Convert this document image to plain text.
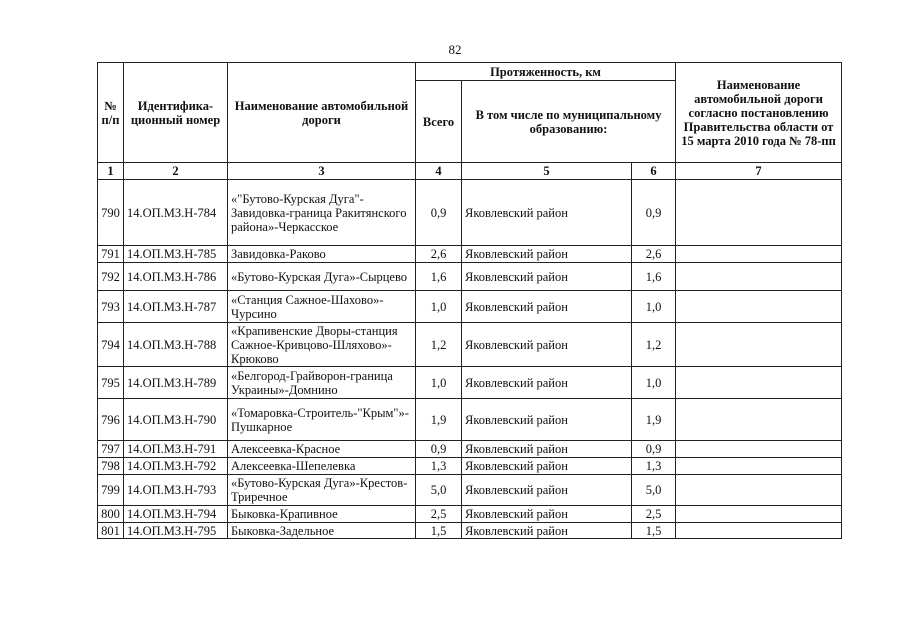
82
№ п/п	Идентифика- ционный номер	Наименование автомобильной дороги	Протяженность, км			Наименование автомобильной дороги согласно постановлению Правительства области от 15 марта 2010 года № 78-пп
			Всего	В том числе по муниципальному образованию:		
1	2	3	4	5	6	7
790	14.ОП.МЗ.Н-784	«"Бутово-Курская Дуга"-Завидовка-граница Ракитянского района»-Черкасское	0,9	Яковлевский район	0,9	
791	14.ОП.МЗ.Н-785	Завидовка-Раково	2,6	Яковлевский район	2,6	
792	14.ОП.МЗ.Н-786	«Бутово-Курская Дуга»-Сырцево	1,6	Яковлевский район	1,6	
793	14.ОП.МЗ.Н-787	«Станция Сажное-Шахово»-Чурсино	1,0	Яковлевский район	1,0	
794	14.ОП.МЗ.Н-788	«Крапивенские Дворы-станция Сажное-Кривцово-Шляхово»-Крюково	1,2	Яковлевский район	1,2	
795	14.ОП.МЗ.Н-789	«Белгород-Грайворон-граница Украины»-Домнино	1,0	Яковлевский район	1,0	
796	14.ОП.МЗ.Н-790	«Томаровка-Строитель-"Крым"»-Пушкарное	1,9	Яковлевский район	1,9	
797	14.ОП.МЗ.Н-791	Алексеевка-Красное	0,9	Яковлевский район	0,9	
798	14.ОП.МЗ.Н-792	Алексеевка-Шепелевка	1,3	Яковлевский район	1,3	
799	14.ОП.МЗ.Н-793	«Бутово-Курская Дуга»-Крестов-Триречное	5,0	Яковлевский район	5,0	
800	14.ОП.МЗ.Н-794	Быковка-Крапивное	2,5	Яковлевский район	2,5	
801	14.ОП.МЗ.Н-795	Быковка-Задельное	1,5	Яковлевский район	1,5	
